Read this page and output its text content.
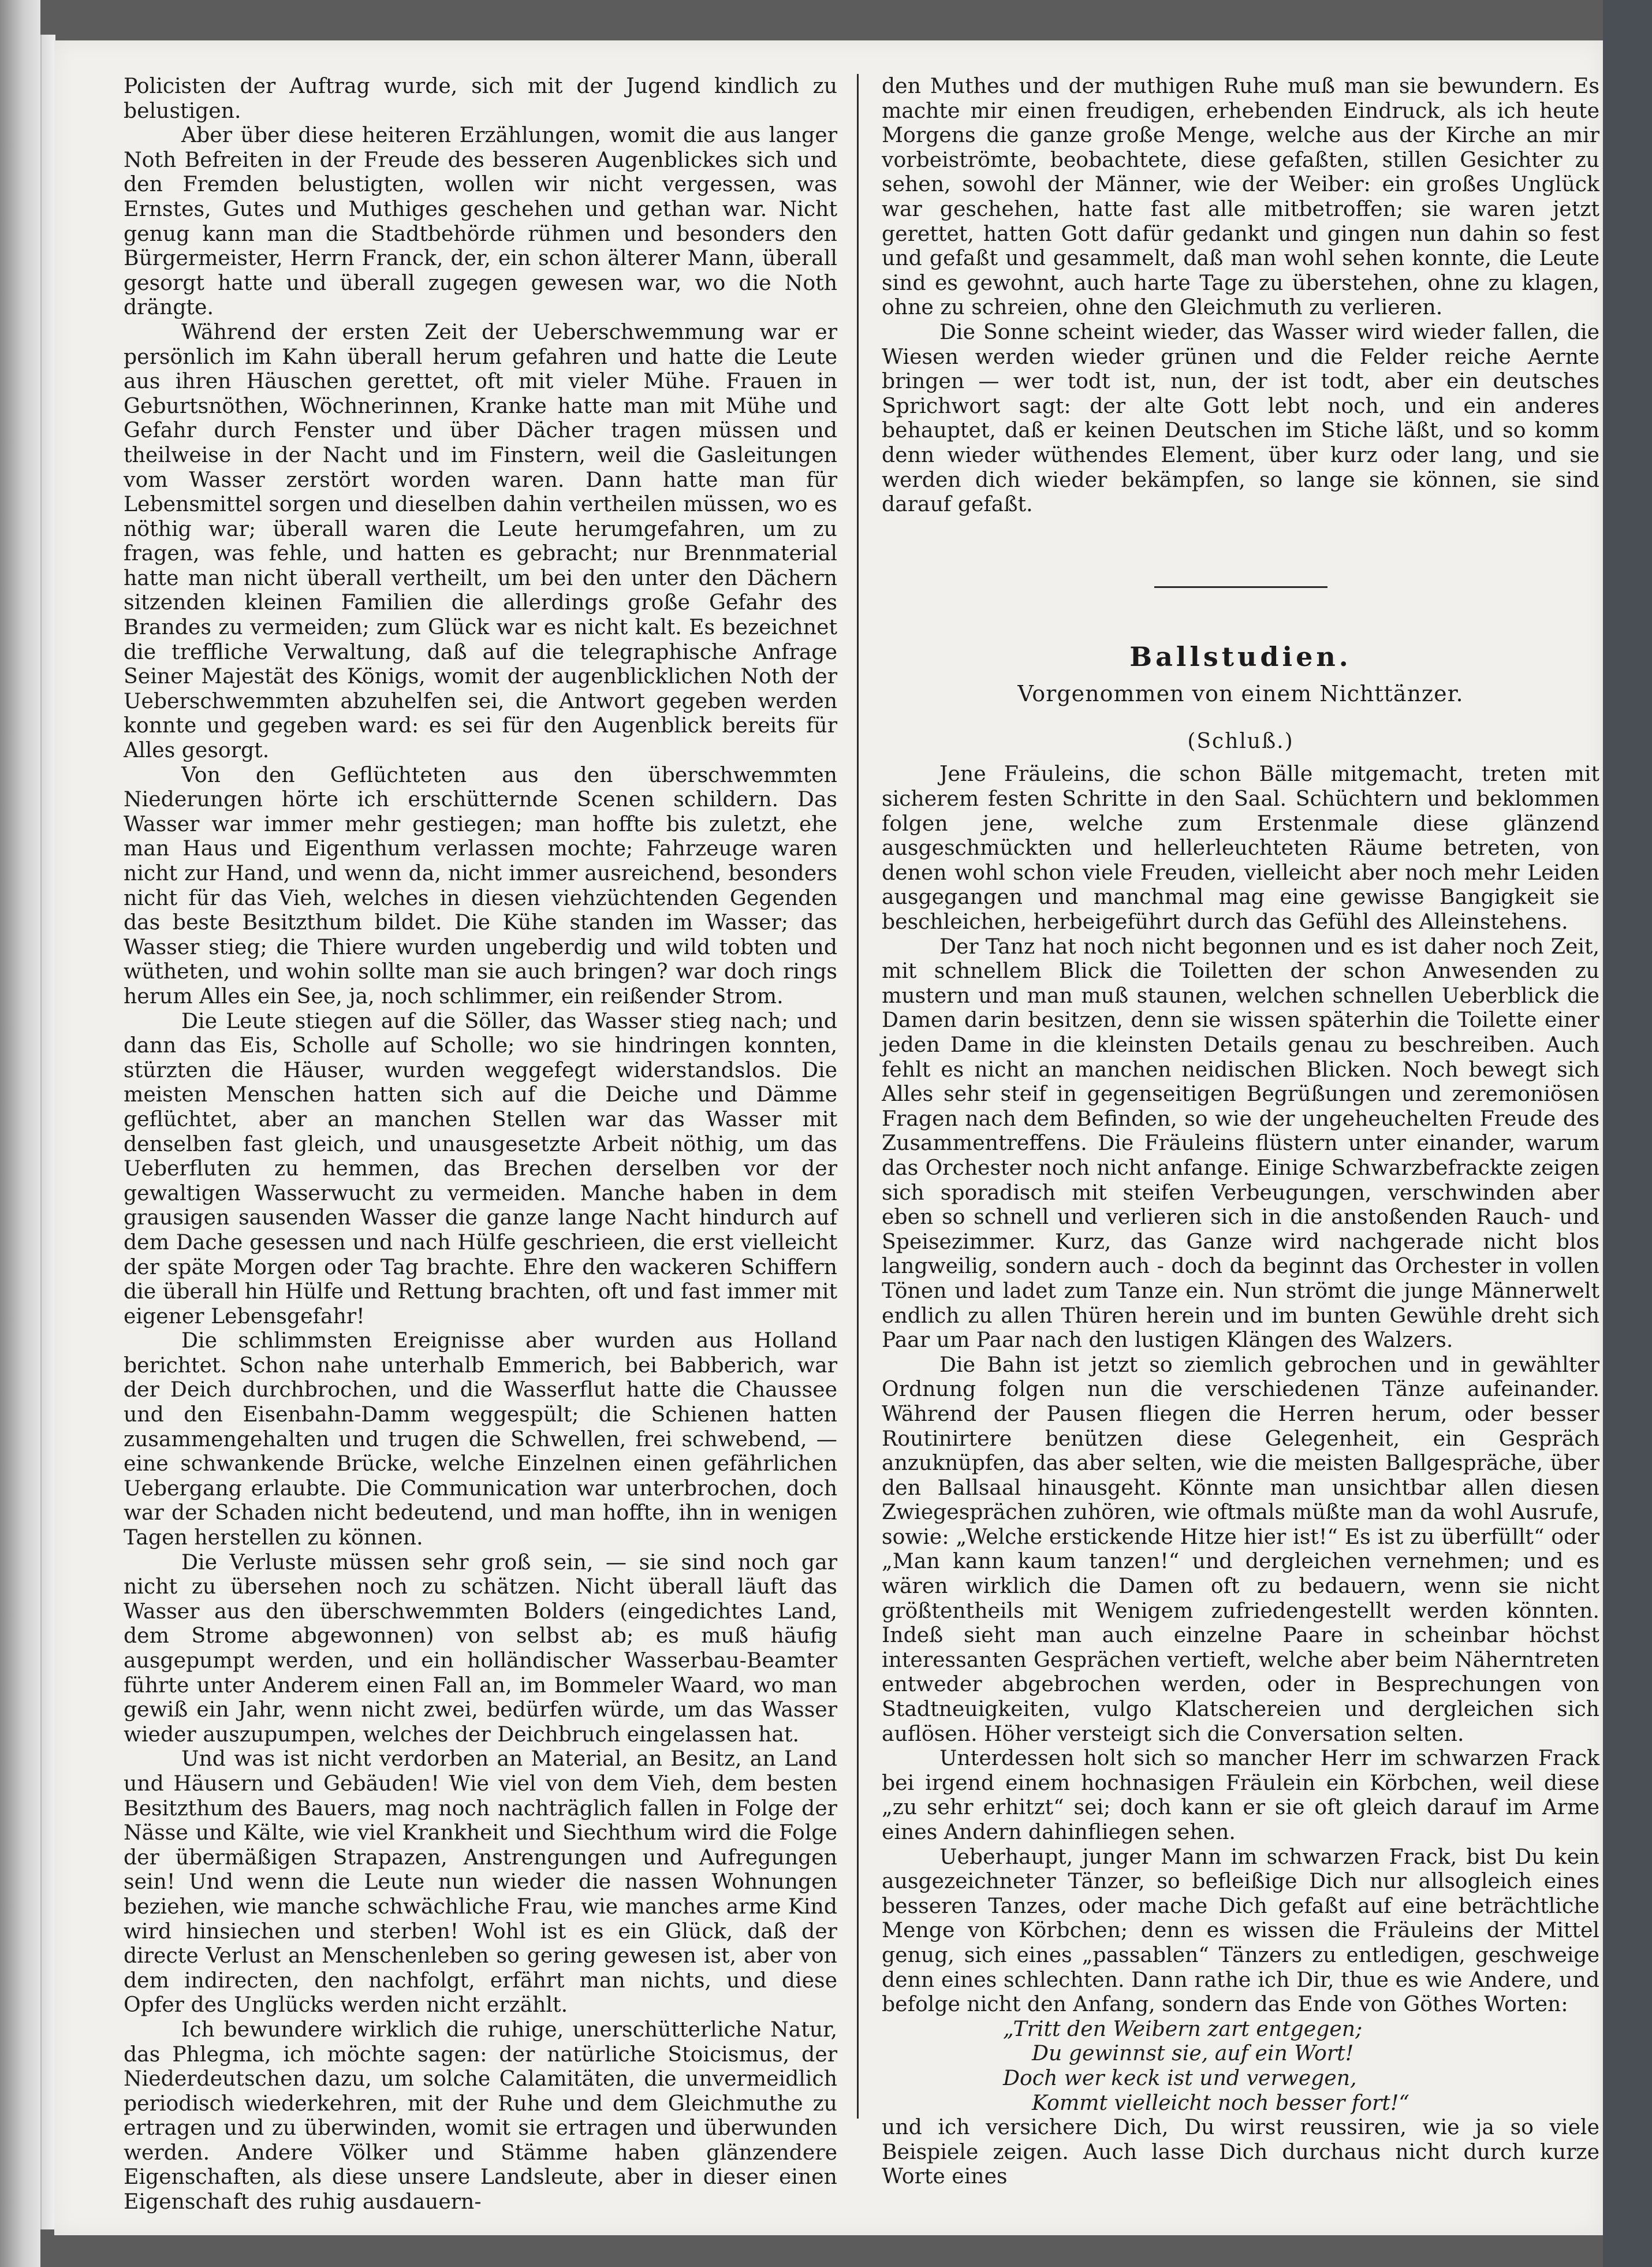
Policisten der Auftrag wurde, sich mit der Jugend kindlich zu belustigen.

Aber über diese heiteren Erzählungen, womit die aus langer Noth Befreiten in der Freude des besseren Augenblickes sich und den Fremden belustigten, wollen wir nicht vergessen, was Ernstes, Gutes und Muthiges geschehen und gethan war. Nicht genug kann man die Stadtbehörde rühmen und besonders den Bürgermeister, Herrn Franck, der, ein schon älterer Mann, überall gesorgt hatte und überall zugegen gewesen war, wo die Noth drängte.

Während der ersten Zeit der Ueberschwemmung war er persönlich im Kahn überall herum gefahren und hatte die Leute aus ihren Häuschen gerettet, oft mit vieler Mühe. Frauen in Geburtsnöthen, Wöchnerinnen, Kranke hatte man mit Mühe und Gefahr durch Fenster und über Dächer tragen müssen und theilweise in der Nacht und im Finstern, weil die Gasleitungen vom Wasser zerstört worden waren. Dann hatte man für Lebensmittel sorgen und dieselben dahin vertheilen müssen, wo es nöthig war; überall waren die Leute herumgefahren, um zu fragen, was fehle, und hatten es gebracht; nur Brennmaterial hatte man nicht überall vertheilt, um bei den unter den Dächern sitzenden kleinen Familien die allerdings große Gefahr des Brandes zu vermeiden; zum Glück war es nicht kalt. Es bezeichnet die treffliche Verwaltung, daß auf die telegraphische Anfrage Seiner Majestät des Königs, womit der augenblicklichen Noth der Ueberschwemmten abzuhelfen sei, die Antwort gegeben werden konnte und gegeben ward: es sei für den Augenblick bereits für Alles gesorgt.

Von den Geflüchteten aus den überschwemmten Niederungen hörte ich erschütternde Scenen schildern. Das Wasser war immer mehr gestiegen; man hoffte bis zuletzt, ehe man Haus und Eigenthum verlassen mochte; Fahrzeuge waren nicht zur Hand, und wenn da, nicht immer ausreichend, besonders nicht für das Vieh, welches in diesen viehzüchtenden Gegenden das beste Besitzthum bildet. Die Kühe standen im Wasser; das Wasser stieg; die Thiere wurden ungeberdig und wild tobten und wütheten, und wohin sollte man sie auch bringen? war doch rings herum Alles ein See, ja, noch schlimmer, ein reißender Strom.

Die Leute stiegen auf die Söller, das Wasser stieg nach; und dann das Eis, Scholle auf Scholle; wo sie hindringen konnten, stürzten die Häuser, wurden weggefegt widerstandslos. Die meisten Menschen hatten sich auf die Deiche und Dämme geflüchtet, aber an manchen Stellen war das Wasser mit denselben fast gleich, und unausgesetzte Arbeit nöthig, um das Ueberfluten zu hemmen, das Brechen derselben vor der gewaltigen Wasserwucht zu vermeiden. Manche haben in dem grausigen sausenden Wasser die ganze lange Nacht hindurch auf dem Dache gesessen und nach Hülfe geschrieen, die erst vielleicht der späte Morgen oder Tag brachte. Ehre den wackeren Schiffern die überall hin Hülfe und Rettung brachten, oft und fast immer mit eigener Lebensgefahr!

Die schlimmsten Ereignisse aber wurden aus Holland berichtet. Schon nahe unterhalb Emmerich, bei Babberich, war der Deich durchbrochen, und die Wasserflut hatte die Chaussee und den Eisenbahn-Damm weggespült; die Schienen hatten zusammengehalten und trugen die Schwellen, frei schwebend, — eine schwankende Brücke, welche Einzelnen einen gefährlichen Uebergang erlaubte. Die Communication war unterbrochen, doch war der Schaden nicht bedeutend, und man hoffte, ihn in wenigen Tagen herstellen zu können.

Die Verluste müssen sehr groß sein, — sie sind noch gar nicht zu übersehen noch zu schätzen. Nicht überall läuft das Wasser aus den überschwemmten Bolders (eingedichtes Land, dem Strome abgewonnen) von selbst ab; es muß häufig ausgepumpt werden, und ein holländischer Wasserbau-Beamter führte unter Anderem einen Fall an, im Bommeler Waard, wo man gewiß ein Jahr, wenn nicht zwei, bedürfen würde, um das Wasser wieder auszupumpen, welches der Deichbruch eingelassen hat.

Und was ist nicht verdorben an Material, an Besitz, an Land und Häusern und Gebäuden! Wie viel von dem Vieh, dem besten Besitzthum des Bauers, mag noch nachträglich fallen in Folge der Nässe und Kälte, wie viel Krankheit und Siechthum wird die Folge der übermäßigen Strapazen, Anstrengungen und Aufregungen sein! Und wenn die Leute nun wieder die nassen Wohnungen beziehen, wie manche schwächliche Frau, wie manches arme Kind wird hinsiechen und sterben! Wohl ist es ein Glück, daß der directe Verlust an Menschenleben so gering gewesen ist, aber von dem indirecten, den nachfolgt, erfährt man nichts, und diese Opfer des Unglücks werden nicht erzählt.

Ich bewundere wirklich die ruhige, unerschütterliche Natur, das Phlegma, ich möchte sagen: der natürliche Stoicismus, der Niederdeutschen dazu, um solche Calamitäten, die unvermeidlich periodisch wiederkehren, mit der Ruhe und dem Gleichmuthe zu ertragen und zu überwinden, womit sie ertragen und überwunden werden. Andere Völker und Stämme haben glänzendere Eigenschaften, als diese unsere Landsleute, aber in dieser einen Eigenschaft des ruhig ausdauern-

den Muthes und der muthigen Ruhe muß man sie bewundern. Es machte mir einen freudigen, erhebenden Eindruck, als ich heute Morgens die ganze große Menge, welche aus der Kirche an mir vorbeiströmte, beobachtete, diese gefaßten, stillen Gesichter zu sehen, sowohl der Männer, wie der Weiber: ein großes Unglück war geschehen, hatte fast alle mitbetroffen; sie waren jetzt gerettet, hatten Gott dafür gedankt und gingen nun dahin so fest und gefaßt und gesammelt, daß man wohl sehen konnte, die Leute sind es gewohnt, auch harte Tage zu überstehen, ohne zu klagen, ohne zu schreien, ohne den Gleichmuth zu verlieren.

Die Sonne scheint wieder, das Wasser wird wieder fallen, die Wiesen werden wieder grünen und die Felder reiche Aernte bringen — wer todt ist, nun, der ist todt, aber ein deutsches Sprichwort sagt: der alte Gott lebt noch, und ein anderes behauptet, daß er keinen Deutschen im Stiche läßt, und so komm denn wieder wüthendes Element, über kurz oder lang, und sie werden dich wieder bekämpfen, so lange sie können, sie sind darauf gefaßt.

Ballstudien.

Vorgenommen von einem Nichttänzer.

(Schluß.)

Jene Fräuleins, die schon Bälle mitgemacht, treten mit sicherem festen Schritte in den Saal. Schüchtern und beklommen folgen jene, welche zum Erstenmale diese glänzend ausgeschmückten und hellerleuchteten Räume betreten, von denen wohl schon viele Freuden, vielleicht aber noch mehr Leiden ausgegangen und manchmal mag eine gewisse Bangigkeit sie beschleichen, herbeigeführt durch das Gefühl des Alleinstehens.

Der Tanz hat noch nicht begonnen und es ist daher noch Zeit, mit schnellem Blick die Toiletten der schon Anwesenden zu mustern und man muß staunen, welchen schnellen Ueberblick die Damen darin besitzen, denn sie wissen späterhin die Toilette einer jeden Dame in die kleinsten Details genau zu beschreiben. Auch fehlt es nicht an manchen neidischen Blicken. Noch bewegt sich Alles sehr steif in gegenseitigen Begrüßungen und zeremoniösen Fragen nach dem Befinden, so wie der ungeheuchelten Freude des Zusammentreffens. Die Fräuleins flüstern unter einander, warum das Orchester noch nicht anfange. Einige Schwarzbefrackte zeigen sich sporadisch mit steifen Verbeugungen, verschwinden aber eben so schnell und verlieren sich in die anstoßenden Rauch- und Speisezimmer. Kurz, das Ganze wird nachgerade nicht blos langweilig, sondern auch - doch da beginnt das Orchester in vollen Tönen und ladet zum Tanze ein. Nun strömt die junge Männerwelt endlich zu allen Thüren herein und im bunten Gewühle dreht sich Paar um Paar nach den lustigen Klängen des Walzers.

Die Bahn ist jetzt so ziemlich gebrochen und in gewählter Ordnung folgen nun die verschiedenen Tänze aufeinander. Während der Pausen fliegen die Herren herum, oder besser Routinirtere benützen diese Gelegenheit, ein Gespräch anzuknüpfen, das aber selten, wie die meisten Ballgespräche, über den Ballsaal hinausgeht. Könnte man unsichtbar allen diesen Zwiegesprächen zuhören, wie oftmals müßte man da wohl Ausrufe, sowie: „Welche erstickende Hitze hier ist!“ Es ist zu überfüllt“ oder „Man kann kaum tanzen!“ und dergleichen vernehmen; und es wären wirklich die Damen oft zu bedauern, wenn sie nicht größtentheils mit Wenigem zufriedengestellt werden könnten. Indeß sieht man auch einzelne Paare in scheinbar höchst interessanten Gesprächen vertieft, welche aber beim Näherntreten entweder abgebrochen werden, oder in Besprechungen von Stadtneuigkeiten, vulgo Klatschereien und dergleichen sich auflösen. Höher versteigt sich die Conversation selten.

Unterdessen holt sich so mancher Herr im schwarzen Frack bei irgend einem hochnasigen Fräulein ein Körbchen, weil diese „zu sehr erhitzt“ sei; doch kann er sie oft gleich darauf im Arme eines Andern dahinfliegen sehen.

Ueberhaupt, junger Mann im schwarzen Frack, bist Du kein ausgezeichneter Tänzer, so befleißige Dich nur allsogleich eines besseren Tanzes, oder mache Dich gefaßt auf eine beträchtliche Menge von Körbchen; denn es wissen die Fräuleins der Mittel genug, sich eines „passablen“ Tänzers zu entledigen, geschweige denn eines schlechten. Dann rathe ich Dir, thue es wie Andere, und befolge nicht den Anfang, sondern das Ende von Göthes Worten:

„Tritt den Weibern zart entgegen;

Du gewinnst sie, auf ein Wort!

Doch wer keck ist und verwegen,

Kommt vielleicht noch besser fort!“

und ich versichere Dich, Du wirst reussiren, wie ja so viele Beispiele zeigen. Auch lasse Dich durchaus nicht durch kurze Worte eines
